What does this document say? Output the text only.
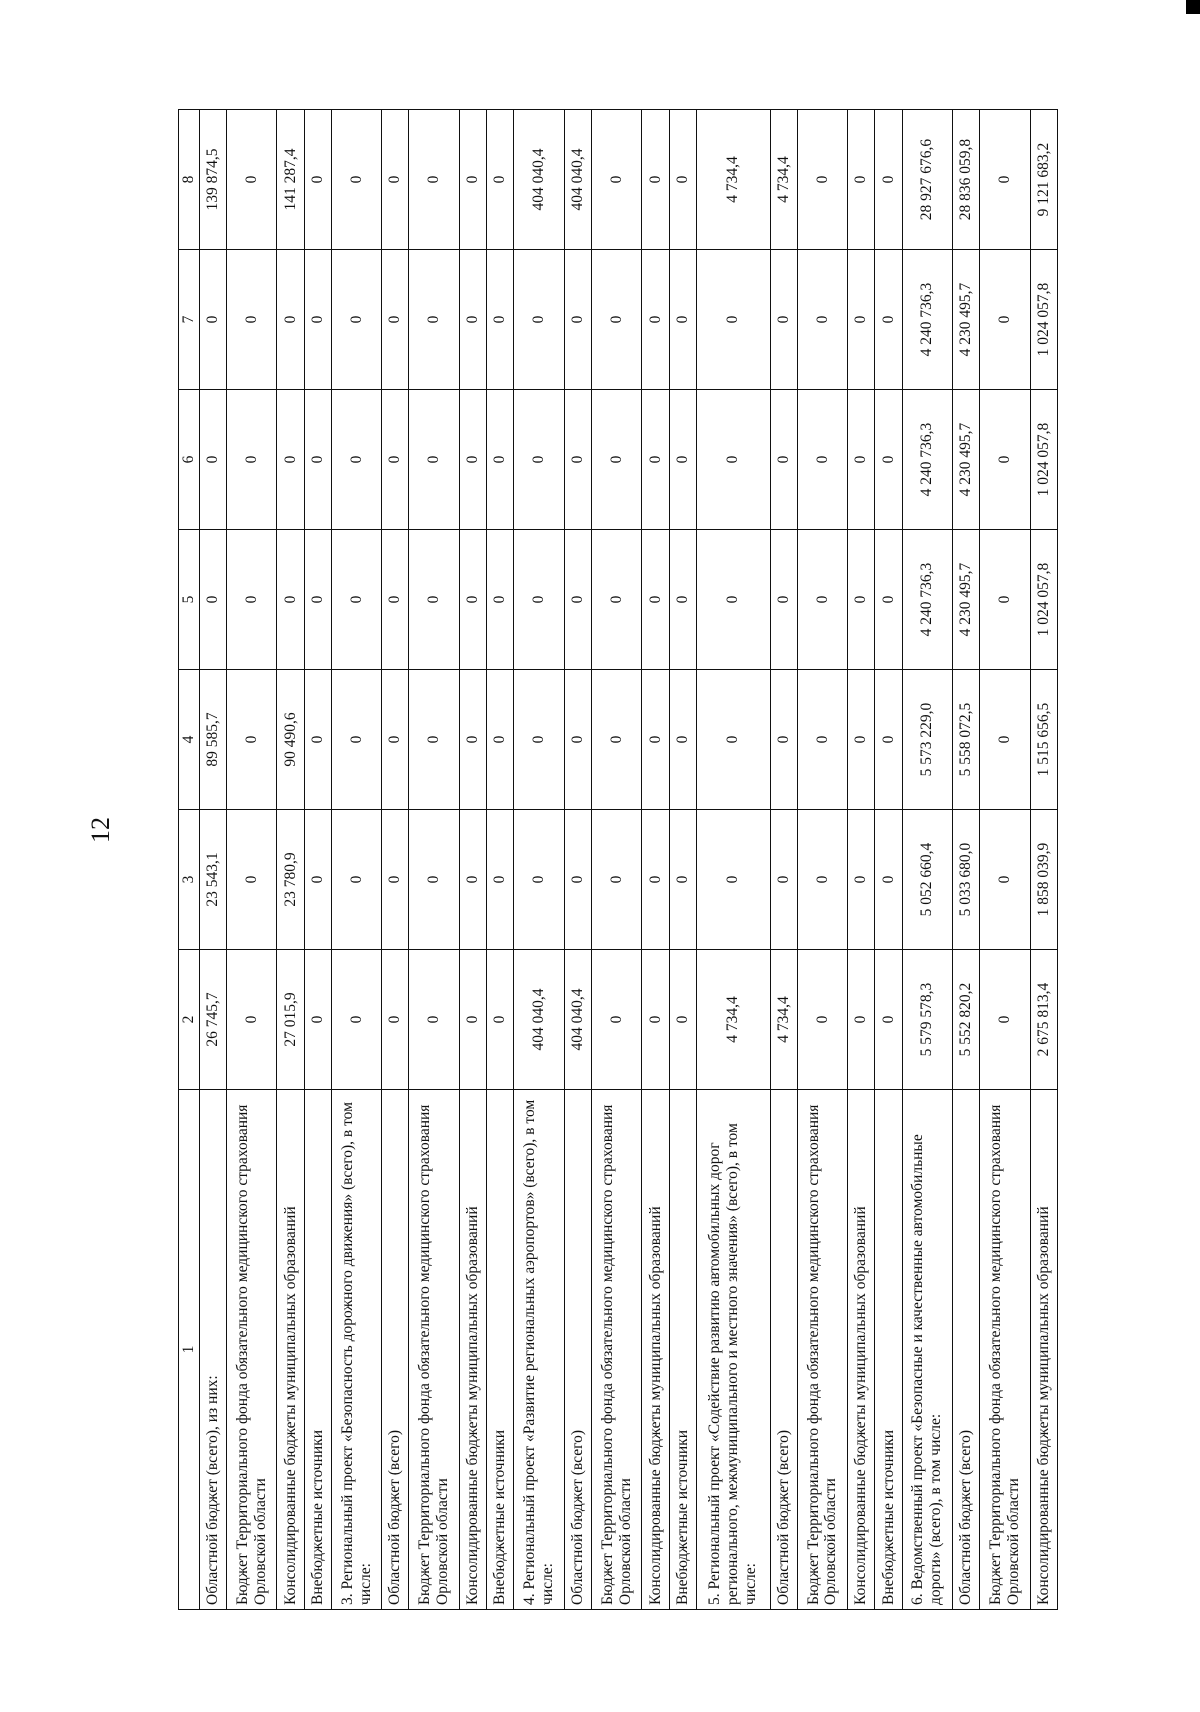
12
1	2	3	4	5	6	7	8
Областной бюджет (всего), из них:	26 745,7	23 543,1	89 585,7	0	0	0	139 874,5
Бюджет Территориального фонда обязательного медицинского страхования Орловской области	0	0	0	0	0	0	0
Консолидированные бюджеты муниципальных образований	27 015,9	23 780,9	90 490,6	0	0	0	141 287,4
Внебюджетные источники	0	0	0	0	0	0	0
3. Региональный проект «Безопасность дорожного движения» (всего), в том числе:	0	0	0	0	0	0	0
Областной бюджет (всего)	0	0	0	0	0	0	0
Бюджет Территориального фонда обязательного медицинского страхования Орловской области	0	0	0	0	0	0	0
Консолидированные бюджеты муниципальных образований	0	0	0	0	0	0	0
Внебюджетные источники	0	0	0	0	0	0	0
4. Региональный проект «Развитие региональных аэропортов» (всего), в том числе:	404 040,4	0	0	0	0	0	404 040,4
Областной бюджет (всего)	404 040,4	0	0	0	0	0	404 040,4
Бюджет Территориального фонда обязательного медицинского страхования Орловской области	0	0	0	0	0	0	0
Консолидированные бюджеты муниципальных образований	0	0	0	0	0	0	0
Внебюджетные источники	0	0	0	0	0	0	0
5. Региональный проект «Содействие развитию автомобильных дорог регионального, межмуниципального и местного значения» (всего), в том числе:	4 734,4	0	0	0	0	0	4 734,4
Областной бюджет (всего)	4 734,4	0	0	0	0	0	4 734,4
Бюджет Территориального фонда обязательного медицинского страхования Орловской области	0	0	0	0	0	0	0
Консолидированные бюджеты муниципальных образований	0	0	0	0	0	0	0
Внебюджетные источники	0	0	0	0	0	0	0
6. Ведомственный проект «Безопасные и качественные автомобильные дороги» (всего), в том числе:	5 579 578,3	5 052 660,4	5 573 229,0	4 240 736,3	4 240 736,3	4 240 736,3	28 927 676,6
Областной бюджет (всего)	5 552 820,2	5 033 680,0	5 558 072,5	4 230 495,7	4 230 495,7	4 230 495,7	28 836 059,8
Бюджет Территориального фонда обязательного медицинского страхования Орловской области	0	0	0	0	0	0	0
Консолидированные бюджеты муниципальных образований	2 675 813,4	1 858 039,9	1 515 656,5	1 024 057,8	1 024 057,8	1 024 057,8	9 121 683,2
